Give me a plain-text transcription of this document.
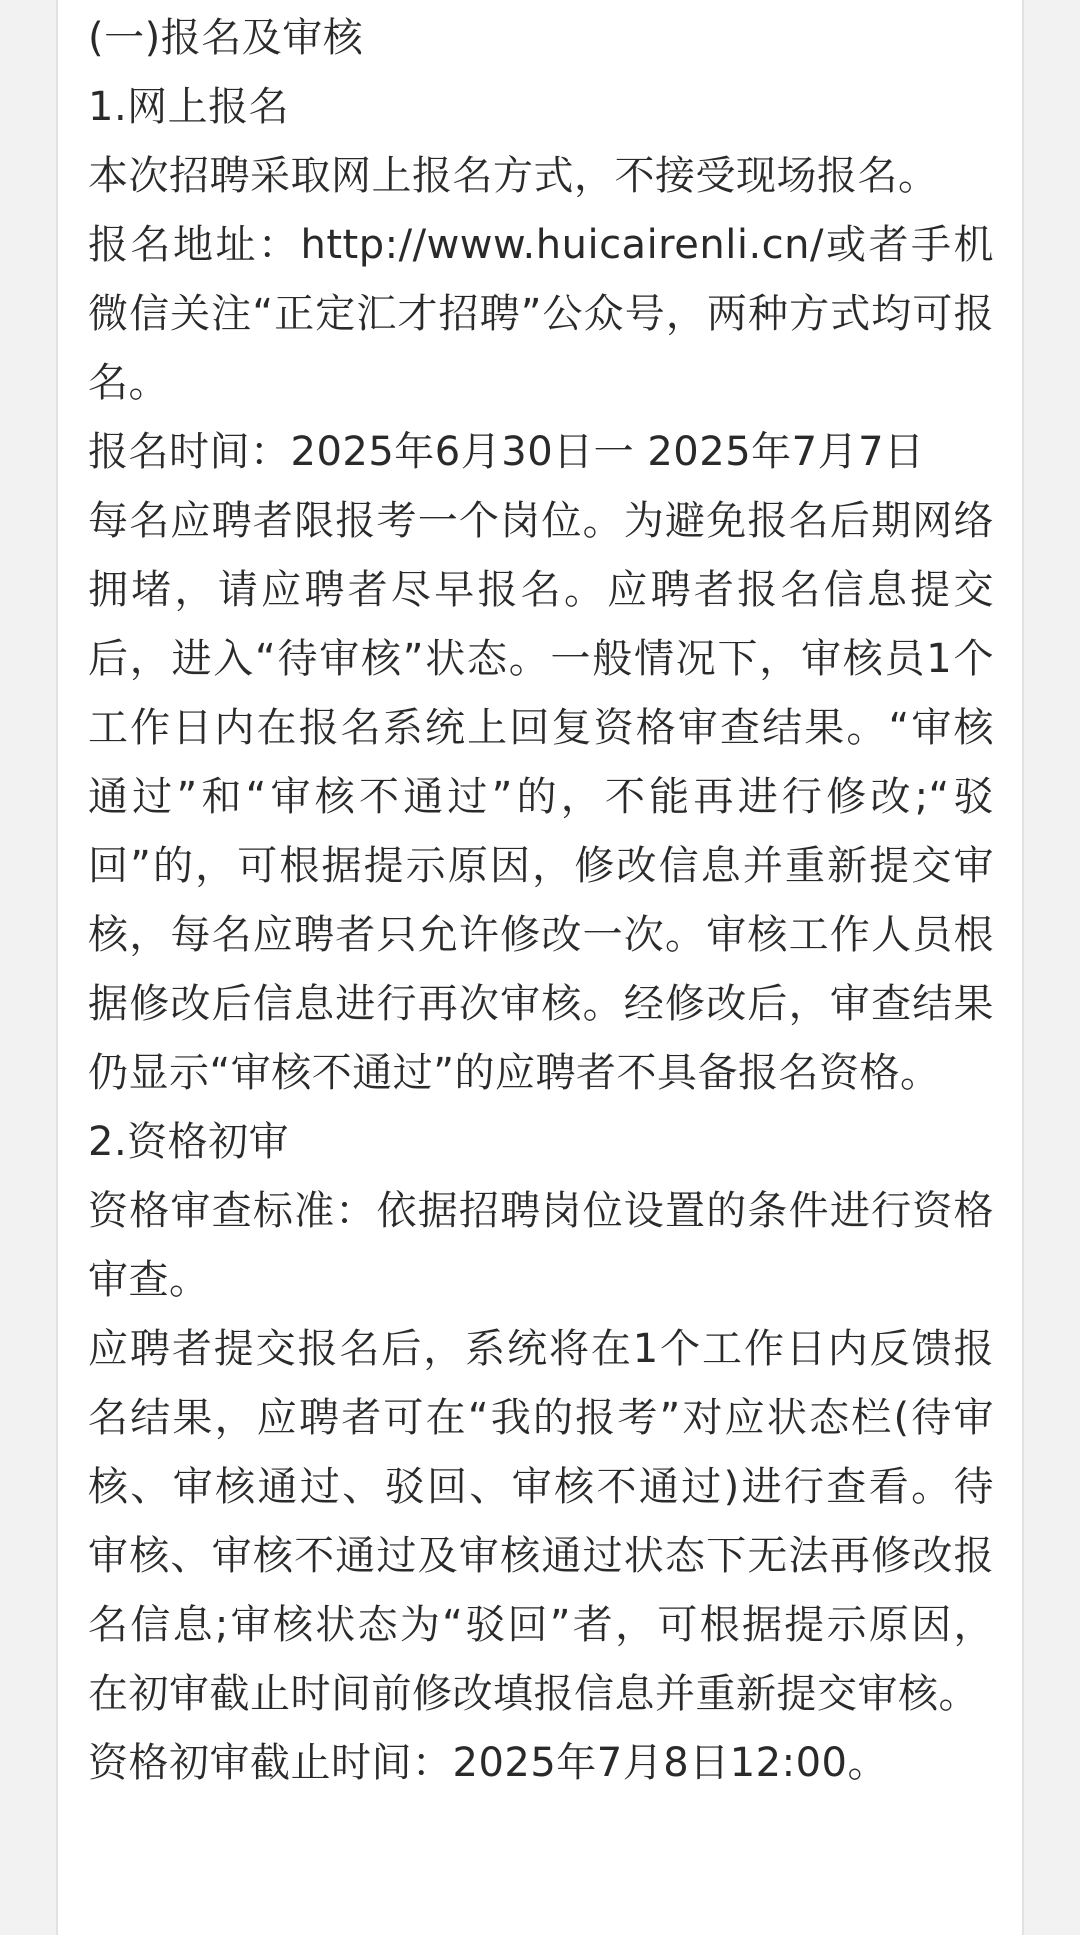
(一)报名及审核

1.网上报名

本次招聘采取网上报名方式，不接受现场报名。

报名地址：http://www.huicairenli.cn/或者手机微信关注“正定汇才招聘”公众号，两种方式均可报名。

报名时间：2025年6月30日一 2025年7月7日

每名应聘者限报考一个岗位。为避免报名后期网络拥堵，请应聘者尽早报名。应聘者报名信息提交后，进入“待审核”状态。一般情况下，审核员1个工作日内在报名系统上回复资格审查结果。“审核通过”和“审核不通过”的，不能再进行修改;“驳回”的，可根据提示原因，修改信息并重新提交审核，每名应聘者只允许修改一次。审核工作人员根据修改后信息进行再次审核。经修改后，审查结果仍显示“审核不通过”的应聘者不具备报名资格。

2.资格初审

资格审查标准：依据招聘岗位设置的条件进行资格审查。

应聘者提交报名后，系统将在1个工作日内反馈报名结果，应聘者可在“我的报考”对应状态栏(待审核、审核通过、驳回、审核不通过)进行查看。待审核、审核不通过及审核通过状态下无法再修改报名信息;审核状态为“驳回”者，可根据提示原因，在初审截止时间前修改填报信息并重新提交审核。

资格初审截止时间：2025年7月8日12:00。
